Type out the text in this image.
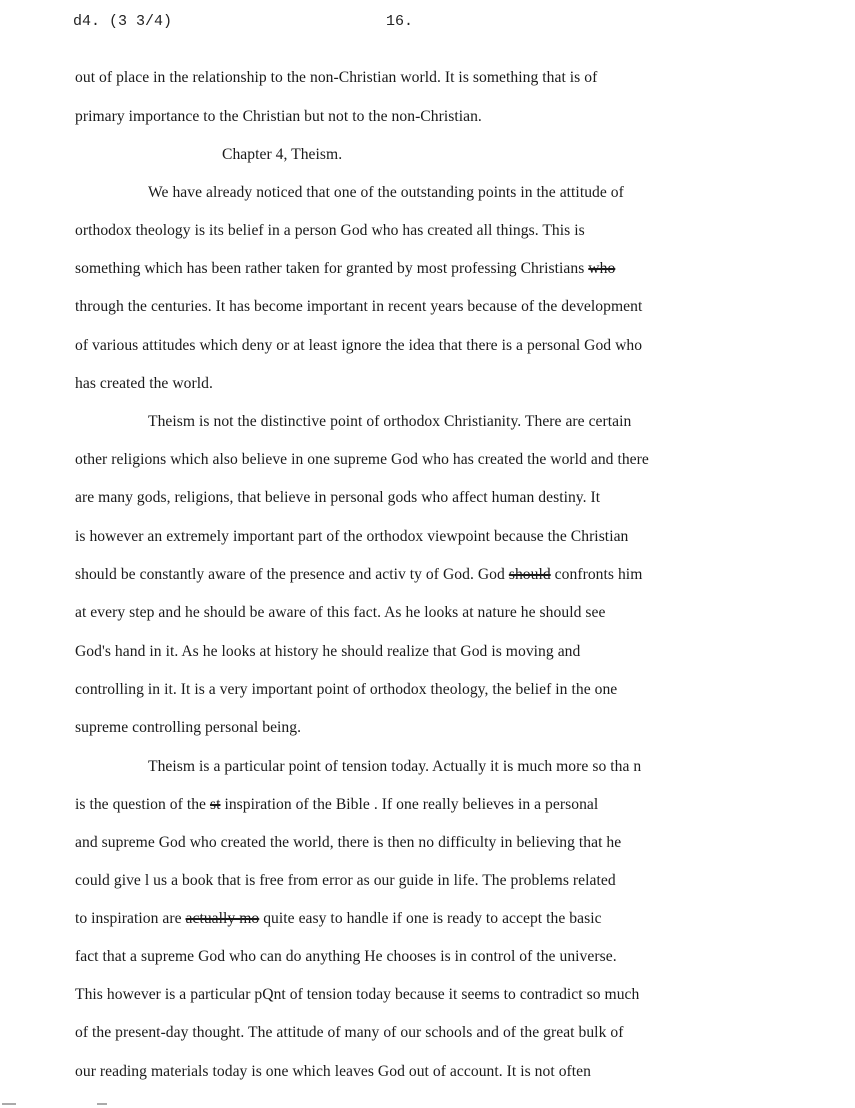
d4. (3 3/4)	16.
out of place in the relationship to the non-Christian world. It is something that is of
primary importance to the Christian but not to the non-Christian.
Chapter 4, Theism.
We have already noticed that one of the outstanding points in the attitude of
orthodox theology is its belief in a person God who has created all things. This is
something which has been rather taken for granted by most professing Christians who
through the centuries. It has become important in recent years because of the development
of various attitudes which deny or at least ignore the idea that there is a personal God who
has created the world.
Theism is not the distinctive point of orthodox Christianity. There are certain
other religions which also believe in one supreme God who has created the world and there
are many gods, religions, that believe in personal gods who affect human destiny. It
is however an extremely important part of the orthodox viewpoint because the Christian
should be constantly aware of the presence and activ ty of God. God should confronts him
at every step and he should be aware of this fact. As he looks at nature he should see
God's hand in it. As he looks at history he should realize that God is moving and
controlling in it. It is a very important point of orthodox theology, the belief in the one
supreme controlling personal being.
Theism is a particular point of tension today. Actually it is much more so tha n
is the question of the st inspiration of the Bible . If one really believes in a personal
and supreme God who created the world, there is then no difficulty in believing that he
could give l us a book that is free from error as our guide in life. The problems related
to inspiration are actually mo quite easy to handle if one is ready to accept the basic
fact that a supreme God who can do anything He chooses is in control of the universe.
This however is a particular pQnt of tension today because it seems to contradict so much
of the present-day thought. The attitude of many of our schools and of the great bulk of
our reading materials today is one which leaves God out of account. It is not often
